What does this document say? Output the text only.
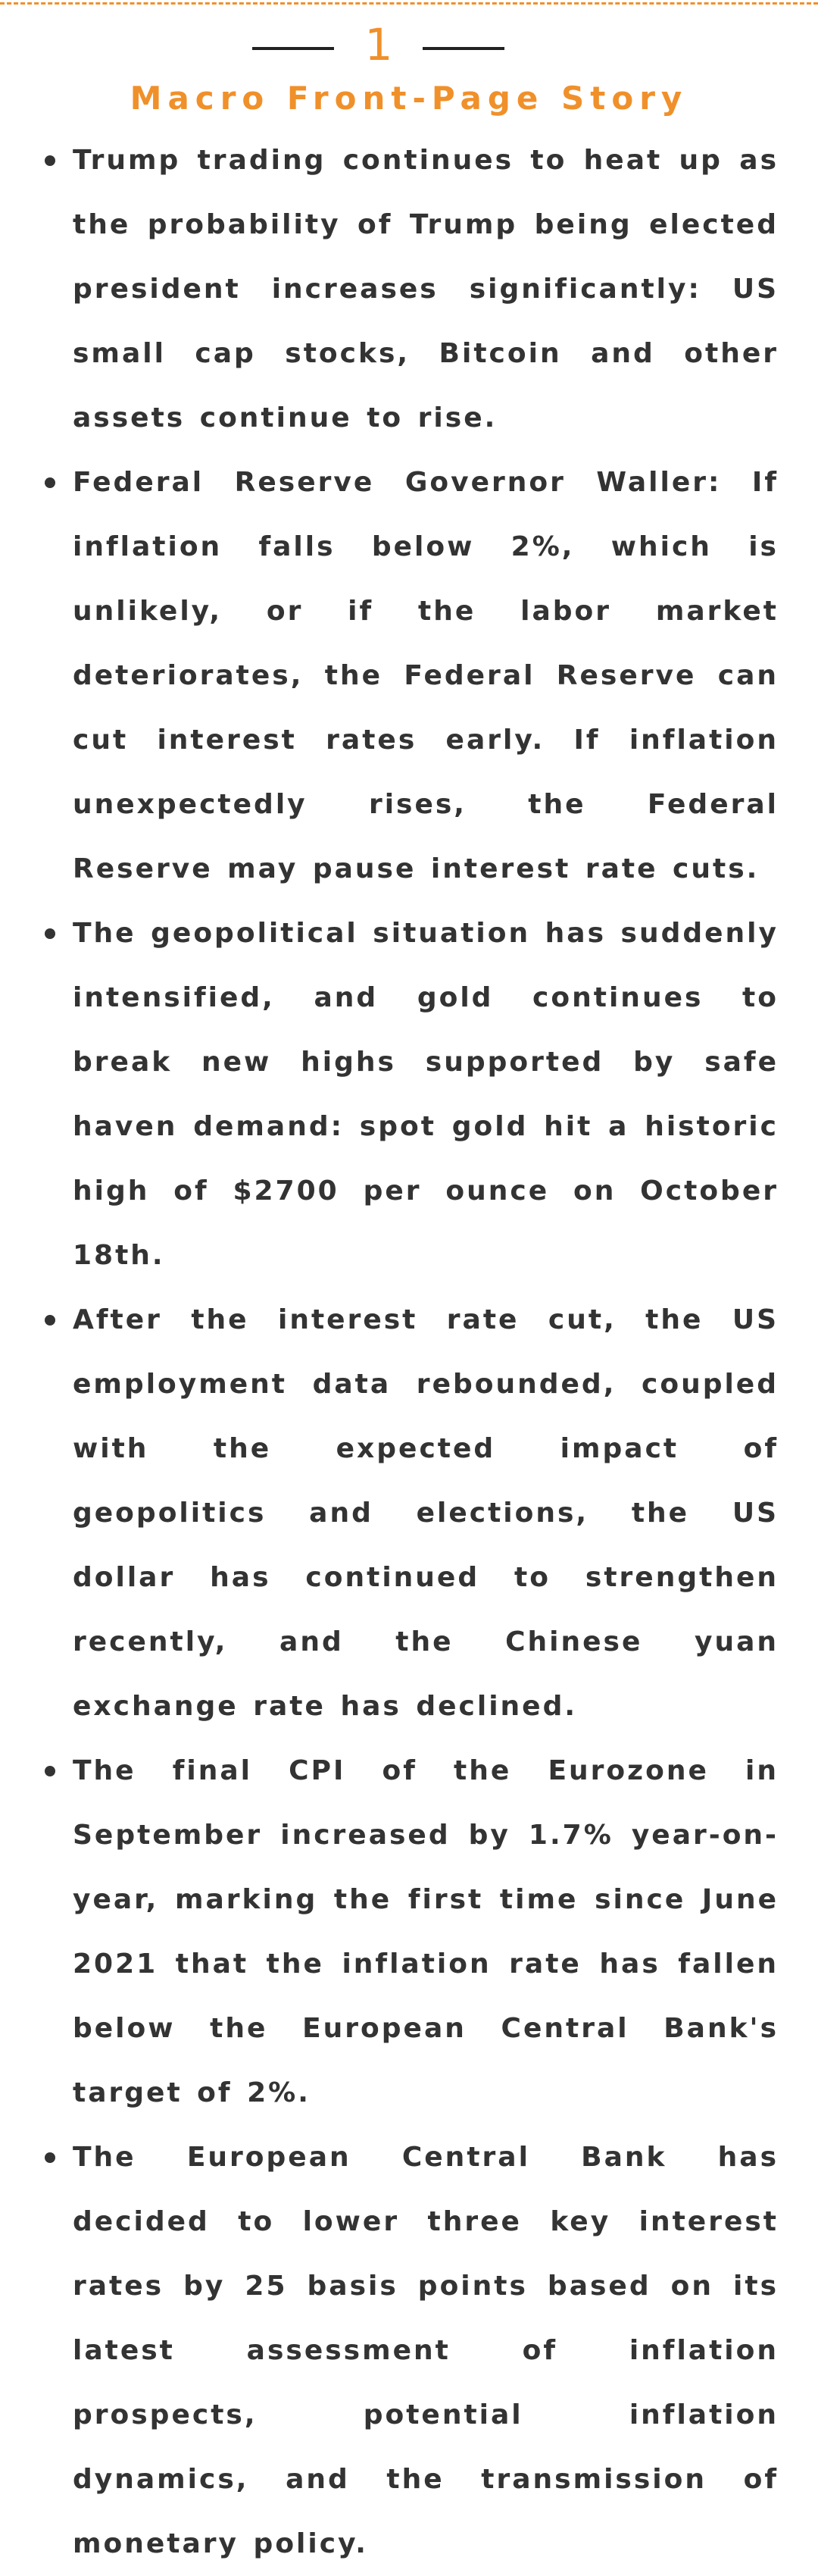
1
Macro Front-Page Story
Trump trading continues to heat up as the probability of Trump being elected president increases significantly: US small cap stocks, Bitcoin and other assets continue to rise.
Federal Reserve Governor Waller: If inflation falls below 2%, which is unlikely, or if the labor market deteriorates, the Federal Reserve can cut interest rates early. If inflation unexpectedly rises, the Federal Reserve may pause interest rate cuts.
The geopolitical situation has suddenly intensified, and gold continues to break new highs supported by safe haven demand: spot gold hit a historic high of $2700 per ounce on October 18th.
After the interest rate cut, the US employment data rebounded, coupled with the expected impact of geopolitics and elections, the US dollar has continued to strengthen recently, and the Chinese yuan exchange rate has declined.
The final CPI of the Eurozone in September increased by 1.7% year-on-year, marking the first time since June 2021 that the inflation rate has fallen below the European Central Bank's target of 2%.
The European Central Bank has decided to lower three key interest rates by 25 basis points based on its latest assessment of inflation prospects, potential inflation dynamics, and the transmission of monetary policy.
